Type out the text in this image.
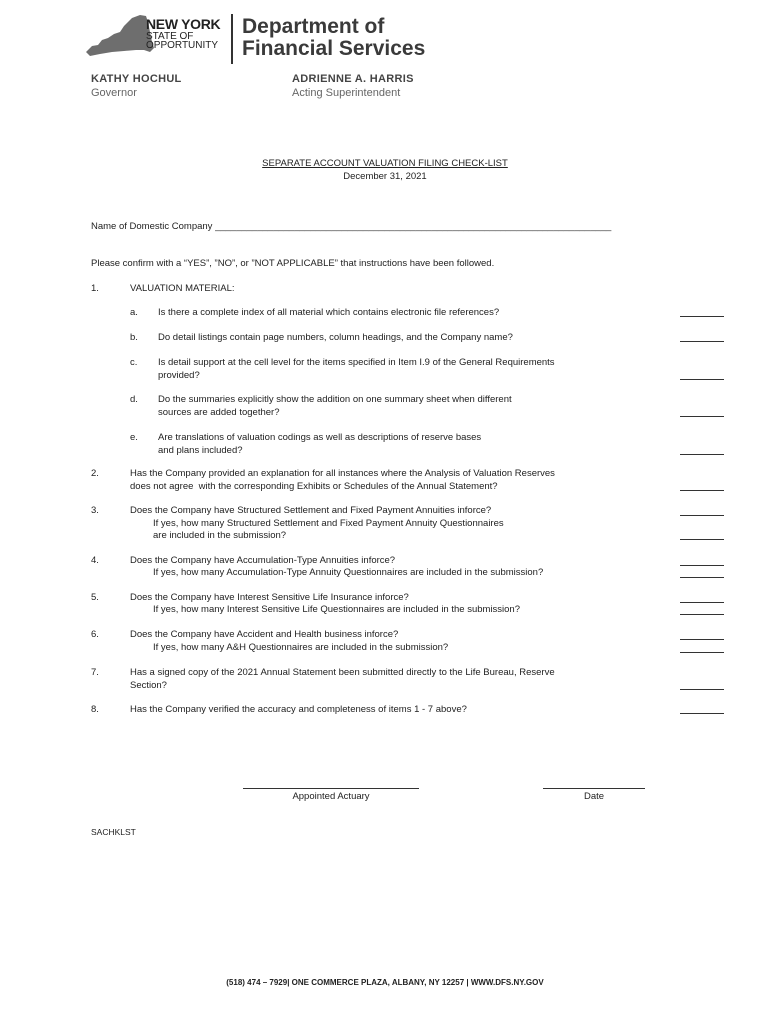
NEW YORK
STATE OF
OPPORTUNITY
Department of
Financial Services
KATHY HOCHUL
Governor
ADRIENNE A. HARRIS
Acting Superintendent
SEPARATE ACCOUNT VALUATION FILING CHECK-LIST
December 31, 2021
Name of Domestic Company ___________________________________________________________________________
Please confirm with a “YES”, ”NO”, or ”NOT APPLICABLE” that instructions have been followed.
1.	VALUATION MATERIAL:
a. Is there a complete index of all material which contains electronic file references?
b. Do detail listings contain page numbers, column headings, and the Company name?
c. Is detail support at the cell level for the items specified in Item I.9 of the General Requirements
provided?
d. Do the summaries explicitly show the addition on one summary sheet when different
sources are added together?
e. Are translations of valuation codings as well as descriptions of reserve bases
and plans included?
2.	Has the Company provided an explanation for all instances where the Analysis of Valuation Reserves
does not agree  with the corresponding Exhibits or Schedules of the Annual Statement?
3.	Does the Company have Structured Settlement and Fixed Payment Annuities inforce?
If yes, how many Structured Settlement and Fixed Payment Annuity Questionnaires
are included in the submission?
4.	Does the Company have Accumulation-Type Annuities inforce?
If yes, how many Accumulation-Type Annuity Questionnaires are included in the submission?
5.	Does the Company have Interest Sensitive Life Insurance inforce?
If yes, how many Interest Sensitive Life Questionnaires are included in the submission?
6.	Does the Company have Accident and Health business inforce?
If yes, how many A&H Questionnaires are included in the submission?
7.	Has a signed copy of the 2021 Annual Statement been submitted directly to the Life Bureau, Reserve
Section?
8.	Has the Company verified the accuracy and completeness of items 1 - 7 above?
Appointed Actuary	Date
SACHKLST
(518) 474 – 7929| ONE COMMERCE PLAZA, ALBANY, NY 12257 | WWW.DFS.NY.GOV
